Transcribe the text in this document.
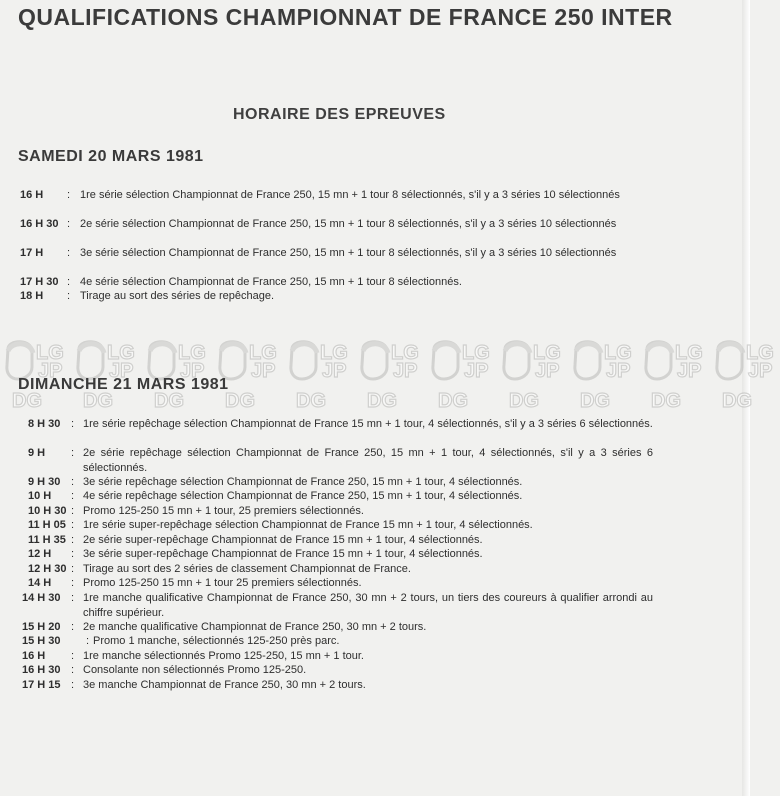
QUALIFICATIONS CHAMPIONNAT DE FRANCE 250 INTER
HORAIRE DES EPREUVES
SAMEDI 20 MARS 1981
16 H : 1re série sélection Championnat de France 250, 15 mn + 1 tour 8 sélectionnés, s'il y a 3 séries 10 sélectionnés
16 H 30 : 2e série sélection Championnat de France 250, 15 mn + 1 tour 8 sélectionnés, s'il y a 3 séries 10 sélectionnés
17 H : 3e série sélection Championnat de France 250, 15 mn + 1 tour 8 sélectionnés, s'il y a 3 séries 10 sélectionnés
17 H 30 : 4e série sélection Championnat de France 250, 15 mn + 1 tour 8 sélectionnés.
18 H : Tirage au sort des séries de repêchage.
LG
JP
DG
LG
JP
DG
LG
JP
DG
LG
JP
DG
LG
JP
DG
LG
JP
DG
LG
JP
DG
LG
JP
DG
LG
JP
DG
LG
JP
DG
LG
JP
DG
DIMANCHE 21 MARS 1981
8 H 30 : 1re série repêchage sélection Championnat de France 15 mn + 1 tour, 4 sélectionnés, s'il y a 3 séries 6 sélectionnés.
9 H : 2e série repêchage sélection Championnat de France 250, 15 mn + 1 tour, 4 sélectionnés, s'il y a 3 séries 6 sélectionnés.
9 H 30 : 3e série repêchage sélection Championnat de France 250, 15 mn + 1 tour, 4 sélectionnés.
10 H : 4e série repêchage sélection Championnat de France 250, 15 mn + 1 tour, 4 sélectionnés.
10 H 30 : Promo 125-250 15 mn + 1 tour, 25 premiers sélectionnés.
11 H 05 : 1re série super-repêchage sélection Championnat de France 15 mn + 1 tour, 4 sélectionnés.
11 H 35 : 2e série super-repêchage Championnat de France 15 mn + 1 tour, 4 sélectionnés.
12 H : 3e série super-repêchage Championnat de France 15 mn + 1 tour, 4 sélectionnés.
12 H 30 : Tirage au sort des 2 séries de classement Championnat de France.
14 H : Promo 125-250 15 mn + 1 tour 25 premiers sélectionnés.
14 H 30 : 1re manche qualificative Championnat de France 250, 30 mn + 2 tours, un tiers des coureurs à qualifier arrondi au chiffre supérieur.
15 H 20 : 2e manche qualificative Championnat de France 250, 30 mn + 2 tours.
15 H 30 : Promo 1 manche, sélectionnés 125-250 près parc.
16 H : 1re manche sélectionnés Promo 125-250, 15 mn + 1 tour.
16 H 30 : Consolante non sélectionnés Promo 125-250.
17 H 15 : 3e manche Championnat de France 250, 30 mn + 2 tours.
